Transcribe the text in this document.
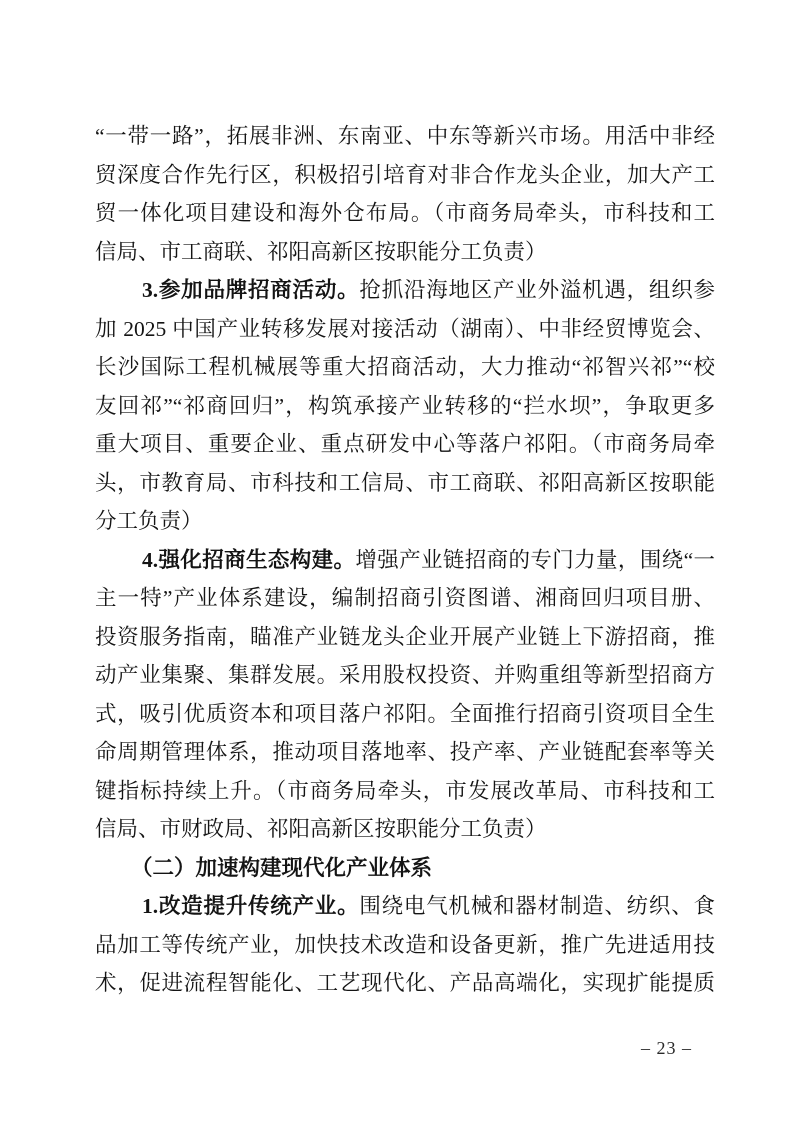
“一带一路”，拓展非洲、东南亚、中东等新兴市场。用活中非经
贸深度合作先行区，积极招引培育对非合作龙头企业，加大产工
贸一体化项目建设和海外仓布局。（市商务局牵头，市科技和工
信局、市工商联、祁阳高新区按职能分工负责）
3.参加品牌招商活动。抢抓沿海地区产业外溢机遇，组织参
加 2025 中国产业转移发展对接活动（湖南）、中非经贸博览会、
长沙国际工程机械展等重大招商活动，大力推动“祁智兴祁”“校
友回祁”“祁商回归”，构筑承接产业转移的“拦水坝”，争取更多
重大项目、重要企业、重点研发中心等落户祁阳。（市商务局牵
头，市教育局、市科技和工信局、市工商联、祁阳高新区按职能
分工负责）
4.强化招商生态构建。增强产业链招商的专门力量，围绕“一
主一特”产业体系建设，编制招商引资图谱、湘商回归项目册、
投资服务指南，瞄准产业链龙头企业开展产业链上下游招商，推
动产业集聚、集群发展。采用股权投资、并购重组等新型招商方
式，吸引优质资本和项目落户祁阳。全面推行招商引资项目全生
命周期管理体系，推动项目落地率、投产率、产业链配套率等关
键指标持续上升。（市商务局牵头，市发展改革局、市科技和工
信局、市财政局、祁阳高新区按职能分工负责）
（二）加速构建现代化产业体系
1.改造提升传统产业。围绕电气机械和器材制造、纺织、食
品加工等传统产业，加快技术改造和设备更新，推广先进适用技
术，促进流程智能化、工艺现代化、产品高端化，实现扩能提质
– 23 –
